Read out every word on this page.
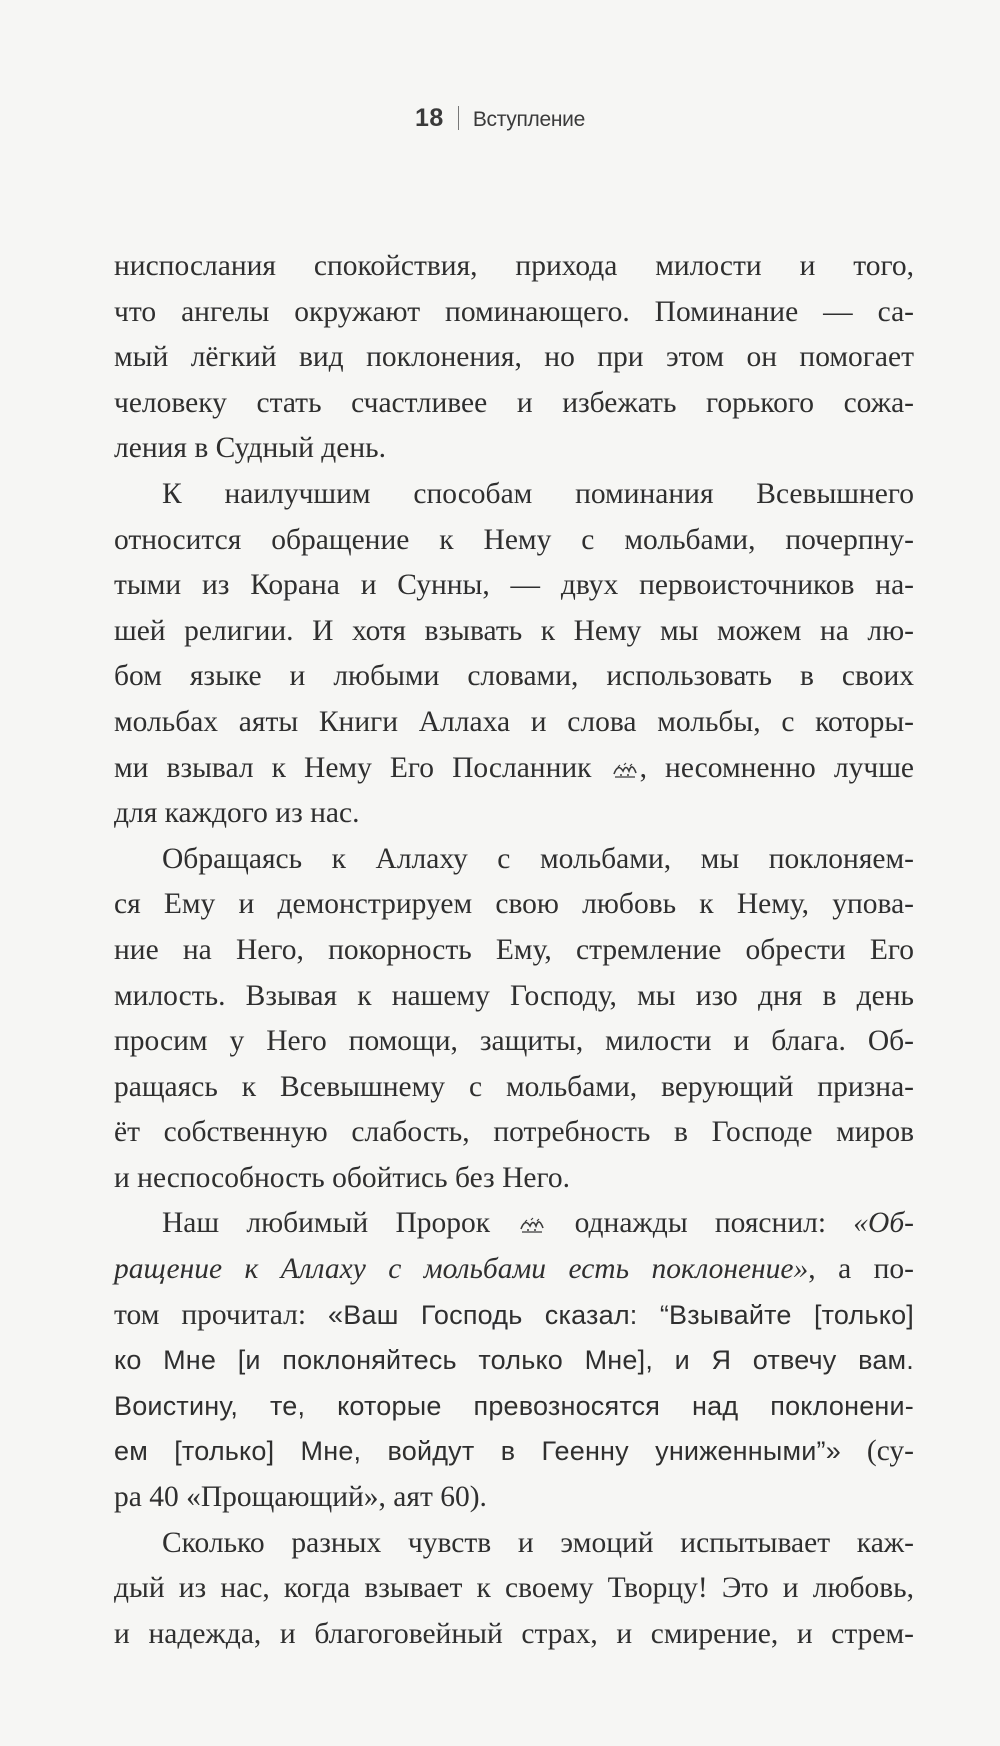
18 Вступление
ниспослания спокойствия, прихода милости и того,
что ангелы окружают поминающего. Поминание — са-
мый лёгкий вид поклонения, но при этом он помогает
человеку стать счастливее и избежать горького сожа-
ления в Судный день.
К наилучшим способам поминания Всевышнего
относится обращение к Нему с мольбами, почерпну-
тыми из Корана и Сунны, — двух первоисточников на-
шей религии. И хотя взывать к Нему мы можем на лю-
бом языке и любыми словами, использовать в своих
мольбах аяты Книги Аллаха и слова мольбы, с которы-
ми взывал к Нему Его Посланник , несомненно лучше
для каждого из нас.
Обращаясь к Аллаху с мольбами, мы поклоняем-
ся Ему и демонстрируем свою любовь к Нему, упова-
ние на Него, покорность Ему, стремление обрести Его
милость. Взывая к нашему Господу, мы изо дня в день
просим у Него помощи, защиты, милости и блага. Об-
ращаясь к Всевышнему с мольбами, верующий призна-
ёт собственную слабость, потребность в Господе миров
и неспособность обойтись без Него.
Наш любимый Пророк  однажды пояснил: «Об-
ращение к Аллаху с мольбами есть поклонение», а по-
том прочитал: «Ваш Господь сказал: “Взывайте [только]
ко Мне [и поклоняйтесь только Мне], и Я отвечу вам.
Воистину, те, которые превозносятся над поклонени-
ем [только] Мне, войдут в Геенну униженными”» (су-
ра 40 «Прощающий», аят 60).
Сколько разных чувств и эмоций испытывает каж-
дый из нас, когда взывает к своему Творцу! Это и любовь,
и надежда, и благоговейный страх, и смирение, и стрем-
